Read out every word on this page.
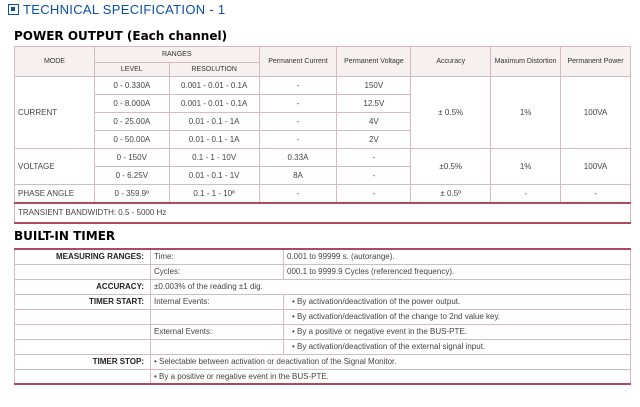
TECHNICAL SPECIFICATION - 1
POWER OUTPUT (Each channel)
MODE	RANGES		Permanent Current	Permanent Voltage	Accuracy	Maximum Distortion	Permanent Power
	LEVEL	RESOLUTION					
CURRENT	0 - 0.330A	0.001 - 0.01 - 0.1A	-	150V	± 0.5%	1%	100VA
	0 - 8.000A	0.001 - 0.01 - 0.1A	-	12.5V			
	0 - 25.00A	0.01 - 0.1 - 1A	-	4V			
	0 - 50.00A	0.01 - 0.1 - 1A	-	2V			
VOLTAGE	0 - 150V	0.1 - 1 - 10V	0.33A	-	±0.5%	1%	100VA
	0 - 6.25V	0.01 - 0.1 - 1V	8A	-			
PHASE ANGLE	0 - 359.9º	0.1 - 1 - 10º	-	-	± 0.5º	-	-
TRANSIENT BANDWIDTH: 0.5 - 5000 Hz							
BUILT-IN TIMER
MEASURING RANGES:	Time:	0.001 to 99999 s. (autorange).
	Cycles:	000.1 to 9999.9 Cycles (referenced frequency).
ACCURACY:	±0.003% of the reading ±1 dig.	
TIMER START:	Internal Events:	• By activation/deactivation of the power output.
		• By activation/deactivation of the change to 2nd value key.
	External Events:	• By a positive or negative event in the BUS-PTE.
		• By activation/deactivation of the external signal input.
TIMER STOP:	• Selectable between activation or deactivation of the Signal Monitor.	
	• By a positive or negative event in the BUS-PTE.	
